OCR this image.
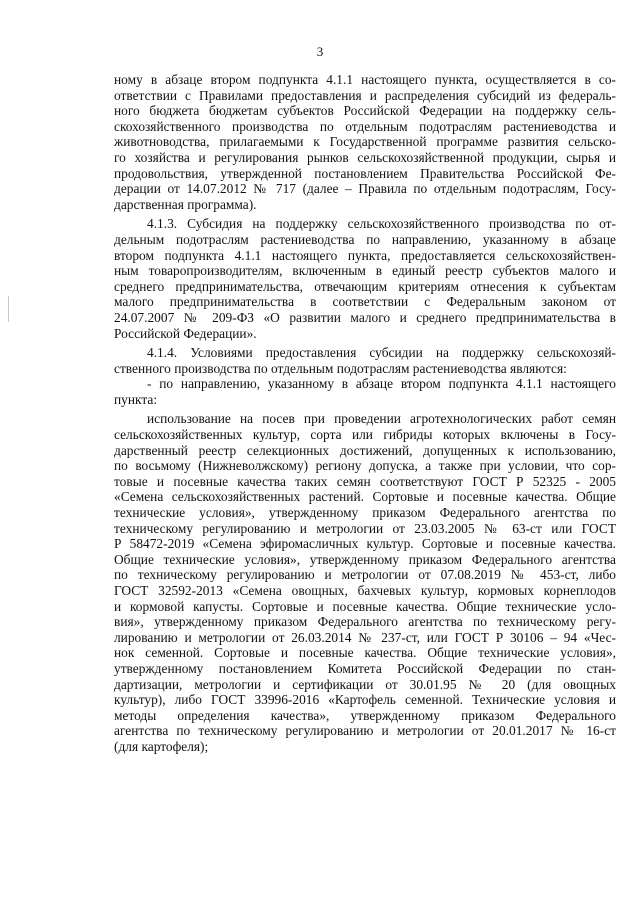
3
ному в абзаце втором подпункта 4.1.1 настоящего пункта, осуществляется в со-
ответствии с Правилами предоставления и распределения субсидий из федераль-
ного бюджета бюджетам субъектов Российской Федерации на поддержку сель-
скохозяйственного производства по отдельным подотраслям растениеводства и
животноводства, прилагаемыми к Государственной программе развития сельско-
го хозяйства и регулирования рынков сельскохозяйственной продукции, сырья и
продовольствия, утвержденной постановлением Правительства Российской Фе-
дерации от 14.07.2012 № 717 (далее – Правила по отдельным подотраслям, Госу-
дарственная программа).
4.1.3. Субсидия на поддержку сельскохозяйственного производства по от-
дельным подотраслям растениеводства по направлению, указанному в абзаце
втором подпункта 4.1.1 настоящего пункта, предоставляется сельскохозяйствен-
ным товаропроизводителям, включенным в единый реестр субъектов малого и
среднего предпринимательства, отвечающим критериям отнесения к субъектам
малого предпринимательства в соответствии с Федеральным законом от
24.07.2007 № 209-ФЗ «О развитии малого и среднего предпринимательства в
Российской Федерации».
4.1.4. Условиями предоставления субсидии на поддержку сельскохозяй-
ственного производства по отдельным подотраслям растениеводства являются:
- по направлению, указанному в абзаце втором подпункта 4.1.1 настоящего
пункта:
использование на посев при проведении агротехнологических работ семян
сельскохозяйственных культур, сорта или гибриды которых включены в Госу-
дарственный реестр селекционных достижений, допущенных к использованию,
по восьмому (Нижневолжскому) региону допуска, а также при условии, что сор-
товые и посевные качества таких семян соответствуют ГОСТ Р 52325 - 2005
«Семена сельскохозяйственных растений. Сортовые и посевные качества. Общие
технические условия», утвержденному приказом Федерального агентства по
техническому регулированию и метрологии от 23.03.2005 № 63-ст или ГОСТ
Р 58472-2019 «Семена эфиромасличных культур. Сортовые и посевные качества.
Общие технические условия», утвержденному приказом Федерального агентства
по техническому регулированию и метрологии от 07.08.2019 № 453-ст, либо
ГОСТ 32592-2013 «Семена овощных, бахчевых культур, кормовых корнеплодов
и кормовой капусты. Сортовые и посевные качества. Общие технические усло-
вия», утвержденному приказом Федерального агентства по техническому регу-
лированию и метрологии от 26.03.2014 № 237-ст, или ГОСТ Р 30106 – 94 «Чес-
нок семенной. Сортовые и посевные качества. Общие технические условия»,
утвержденному постановлением Комитета Российской Федерации по стан-
дартизации, метрологии и сертификации от 30.01.95 № 20 (для овощных
культур), либо ГОСТ 33996-2016 «Картофель семенной. Технические условия и
методы определения качества», утвержденному приказом Федерального
агентства по техническому регулированию и метрологии от 20.01.2017 № 16-ст
(для картофеля);
